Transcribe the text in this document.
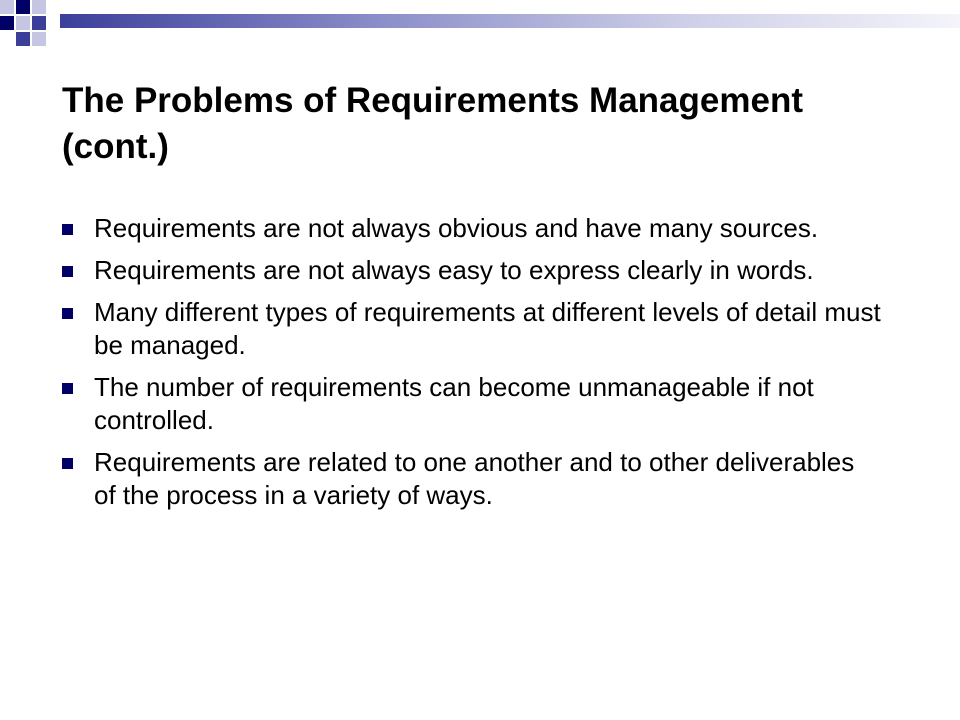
The Problems of Requirements Management (cont.)
Requirements are not always obvious and have many sources.
Requirements are not always easy to express clearly in words.
Many different types of requirements at different levels of detail must be managed.
The number of requirements can become unmanageable if not controlled.
Requirements are related to one another and to other deliverables of the process in a variety of ways.
